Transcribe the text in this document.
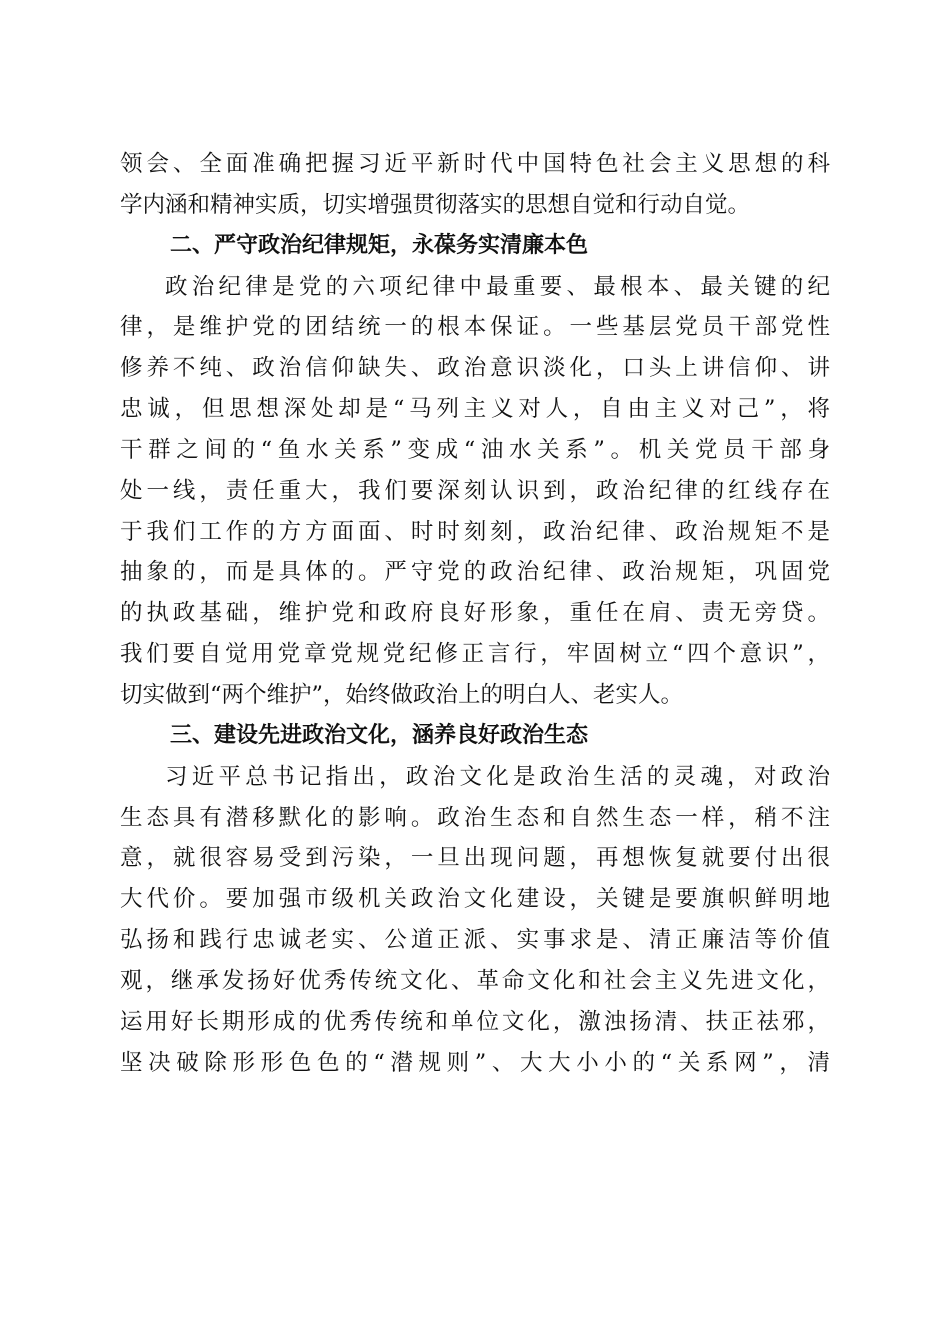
领会、全面准确把握习近平新时代中国特色社会主义思想的科
学内涵和精神实质，切实增强贯彻落实的思想自觉和行动自觉。
二、严守政治纪律规矩，永葆务实清廉本色
政治纪律是党的六项纪律中最重要、最根本、最关键的纪
律，是维护党的团结统一的根本保证。一些基层党员干部党性
修养不纯、政治信仰缺失、政治意识淡化，口头上讲信仰、讲
忠诚，但思想深处却是“马列主义对人，自由主义对己”，将
干群之间的“鱼水关系”变成“油水关系”。机关党员干部身
处一线，责任重大，我们要深刻认识到，政治纪律的红线存在
于我们工作的方方面面、时时刻刻，政治纪律、政治规矩不是
抽象的，而是具体的。严守党的政治纪律、政治规矩，巩固党
的执政基础，维护党和政府良好形象，重任在肩、责无旁贷。
我们要自觉用党章党规党纪修正言行，牢固树立“四个意识”，
切实做到“两个维护”，始终做政治上的明白人、老实人。
三、建设先进政治文化，涵养良好政治生态
习近平总书记指出，政治文化是政治生活的灵魂，对政治
生态具有潜移默化的影响。政治生态和自然生态一样，稍不注
意，就很容易受到污染，一旦出现问题，再想恢复就要付出很
大代价。要加强市级机关政治文化建设，关键是要旗帜鲜明地
弘扬和践行忠诚老实、公道正派、实事求是、清正廉洁等价值
观，继承发扬好优秀传统文化、革命文化和社会主义先进文化，
运用好长期形成的优秀传统和单位文化，激浊扬清、扶正祛邪，
坚决破除形形色色的“潜规则”、大大小小的“关系网”，清
